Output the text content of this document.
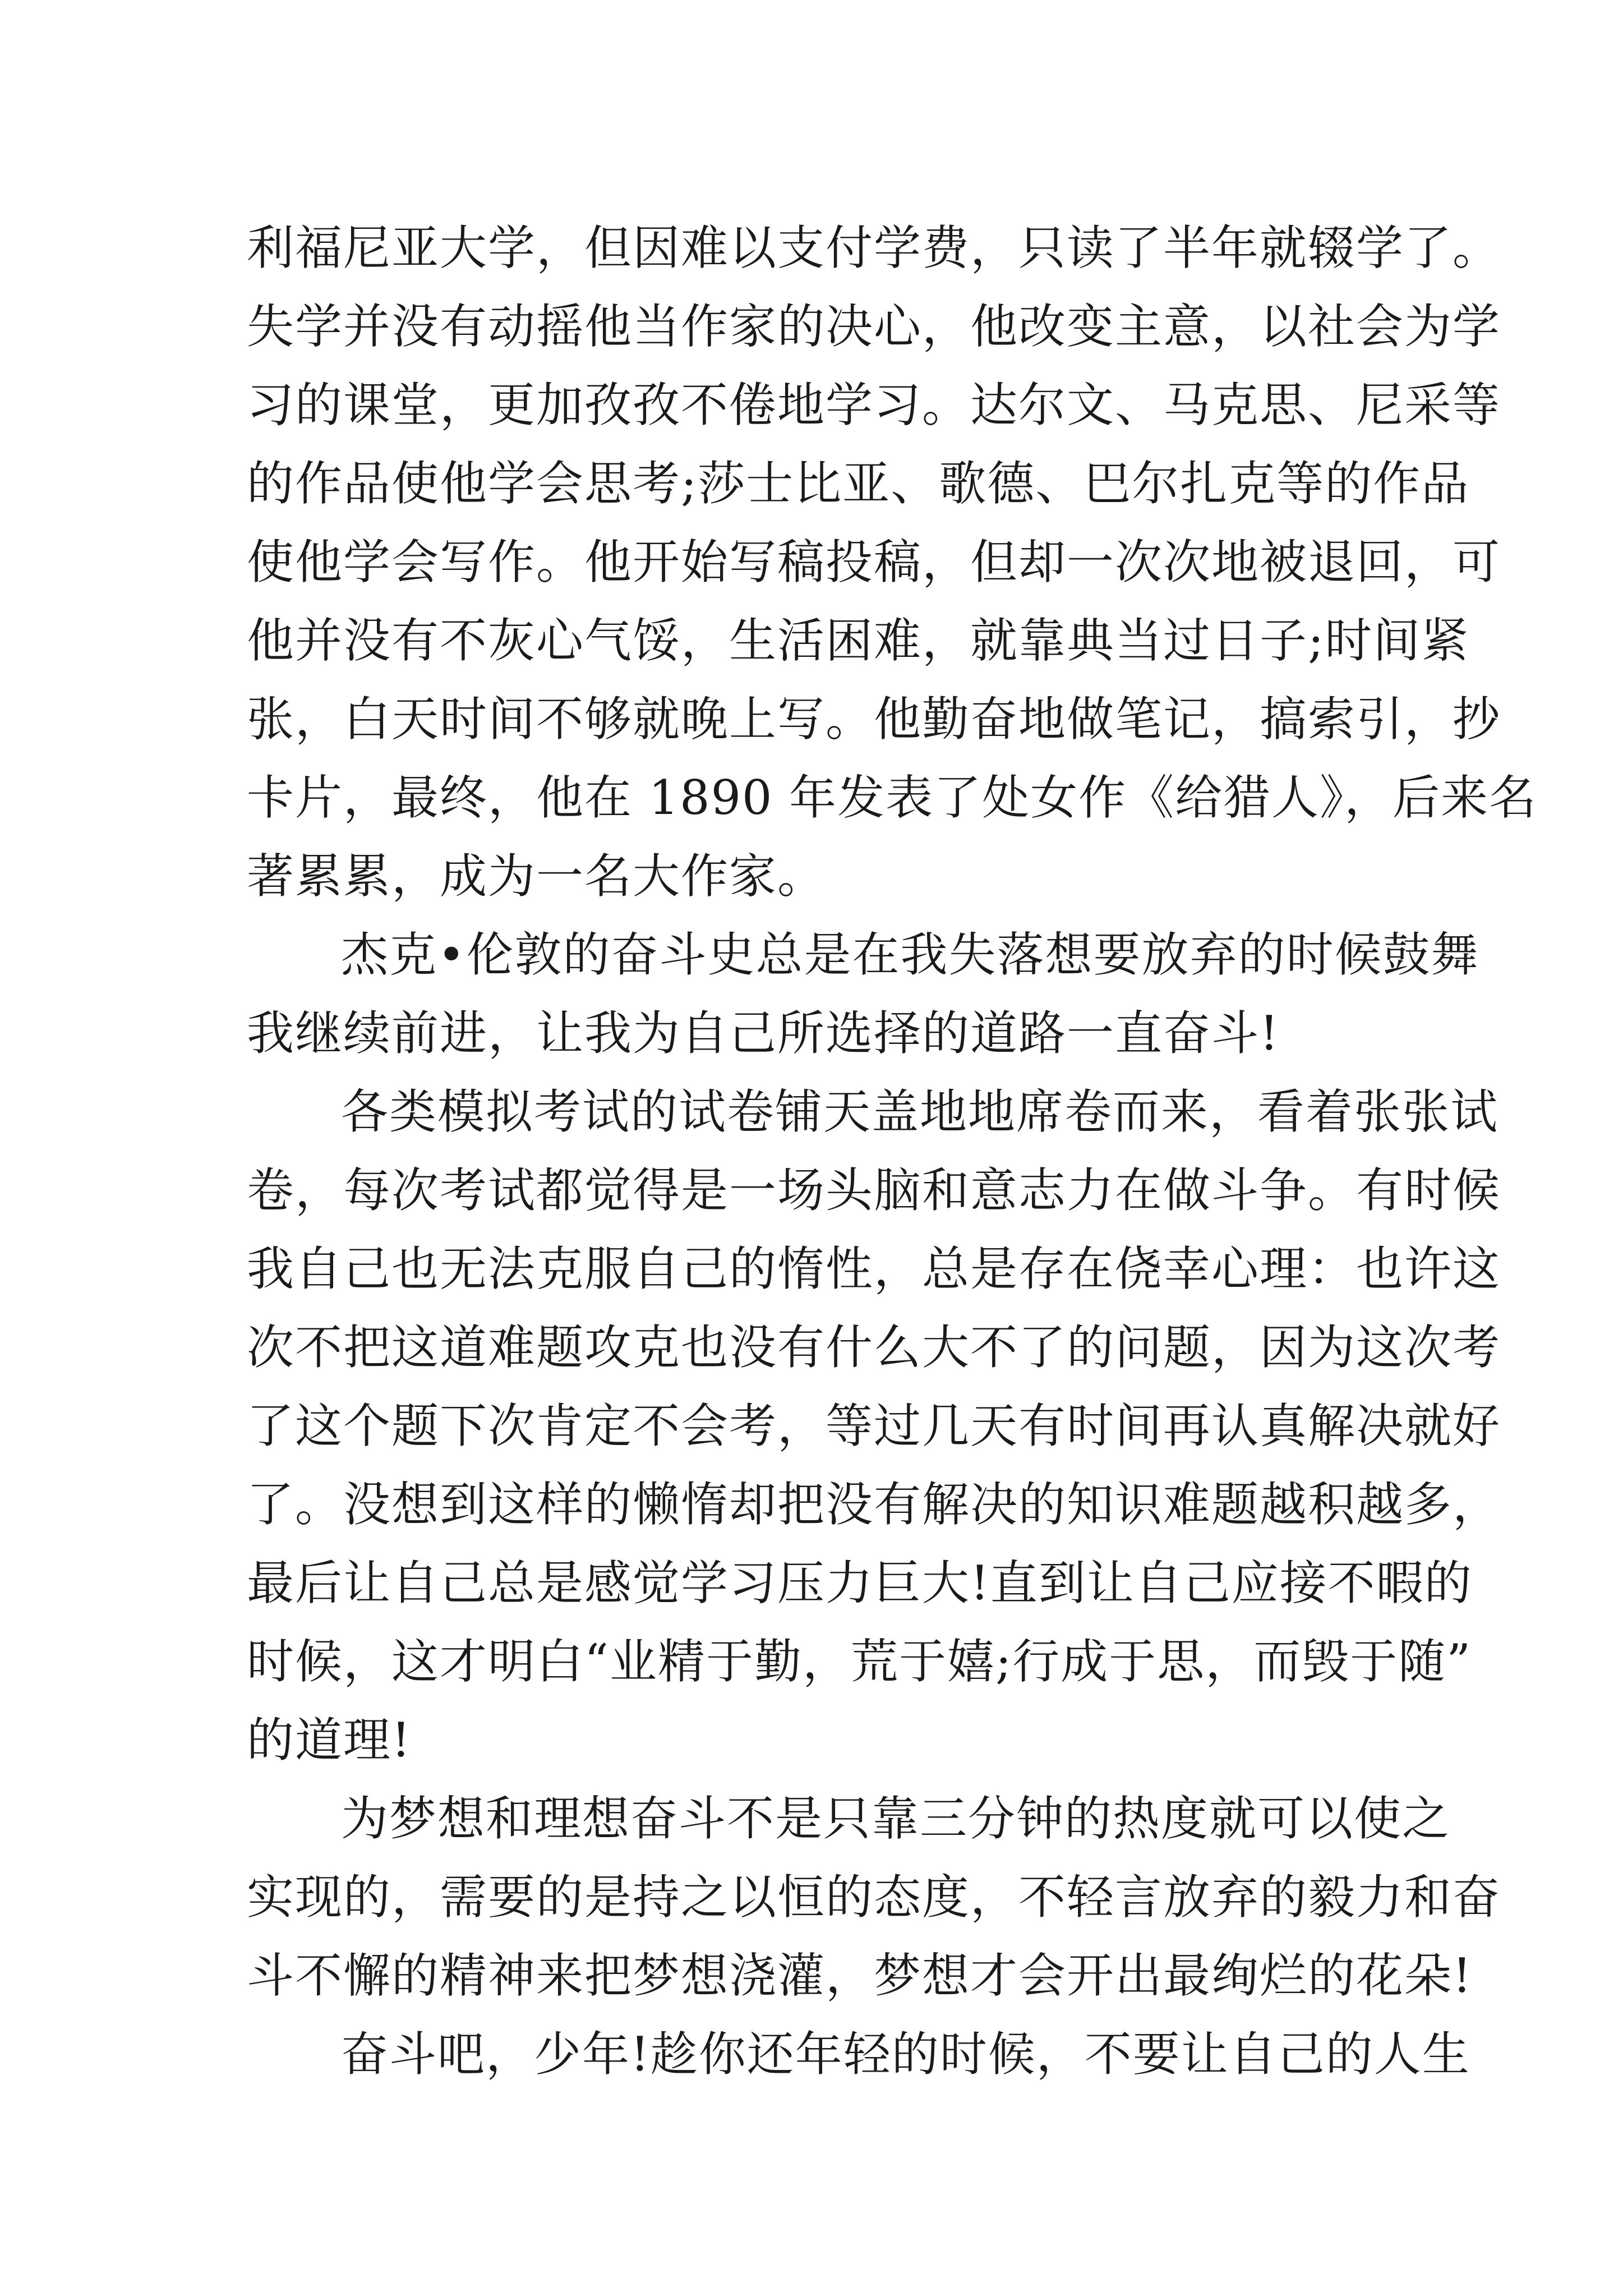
利福尼亚大学，但因难以支付学费，只读了半年就辍学了。
失学并没有动摇他当作家的决心，他改变主意，以社会为学
习的课堂，更加孜孜不倦地学习。达尔文、马克思、尼采等
的作品使他学会思考;莎士比亚、歌德、巴尔扎克等的作品
使他学会写作。他开始写稿投稿，但却一次次地被退回，可
他并没有不灰心气馁，生活困难，就靠典当过日子;时间紧
张，白天时间不够就晚上写。他勤奋地做笔记，搞索引，抄
卡片，最终，他在 1890 年发表了处女作《给猎人》，后来名
著累累，成为一名大作家。
杰克•伦敦的奋斗史总是在我失落想要放弃的时候鼓舞
我继续前进，让我为自己所选择的道路一直奋斗!
各类模拟考试的试卷铺天盖地地席卷而来，看着张张试
卷，每次考试都觉得是一场头脑和意志力在做斗争。有时候
我自己也无法克服自己的惰性，总是存在侥幸心理：也许这
次不把这道难题攻克也没有什么大不了的问题，因为这次考
了这个题下次肯定不会考，等过几天有时间再认真解决就好
了。没想到这样的懒惰却把没有解决的知识难题越积越多，
最后让自己总是感觉学习压力巨大!直到让自己应接不暇的
时候，这才明白“业精于勤，荒于嬉;行成于思，而毁于随”
的道理!
为梦想和理想奋斗不是只靠三分钟的热度就可以使之
实现的，需要的是持之以恒的态度，不轻言放弃的毅力和奋
斗不懈的精神来把梦想浇灌，梦想才会开出最绚烂的花朵!
奋斗吧，少年!趁你还年轻的时候，不要让自己的人生
